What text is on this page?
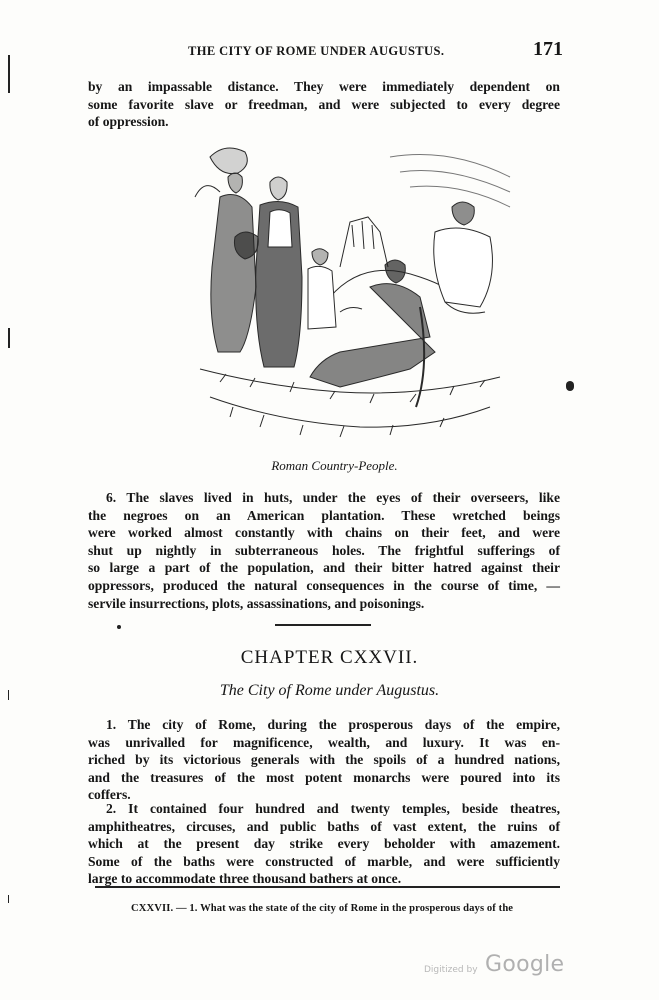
THE CITY OF ROME UNDER AUGUSTUS.	171
by an impassable distance. They were immediately dependent on
some favorite slave or freedman, and were subjected to every degree
of oppression.
Roman Country-People.
6. The slaves lived in huts, under the eyes of their overseers, like
the negroes on an American plantation. These wretched beings
were worked almost constantly with chains on their feet, and were
shut up nightly in subterraneous holes. The frightful sufferings of
so large a part of the population, and their bitter hatred against their
oppressors, produced the natural consequences in the course of time, —
servile insurrections, plots, assassinations, and poisonings.
CHAPTER CXXVII.
The City of Rome under Augustus.
1. The city of Rome, during the prosperous days of the empire,
was unrivalled for magnificence, wealth, and luxury. It was en-
riched by its victorious generals with the spoils of a hundred nations,
and the treasures of the most potent monarchs were poured into its
coffers.
2. It contained four hundred and twenty temples, beside theatres,
amphitheatres, circuses, and public baths of vast extent, the ruins of
which at the present day strike every beholder with amazement.
Some of the baths were constructed of marble, and were sufficiently
large to accommodate three thousand bathers at once.
CXXVII. — 1. What was the state of the city of Rome in the prosperous days of the
Digitized by Google
